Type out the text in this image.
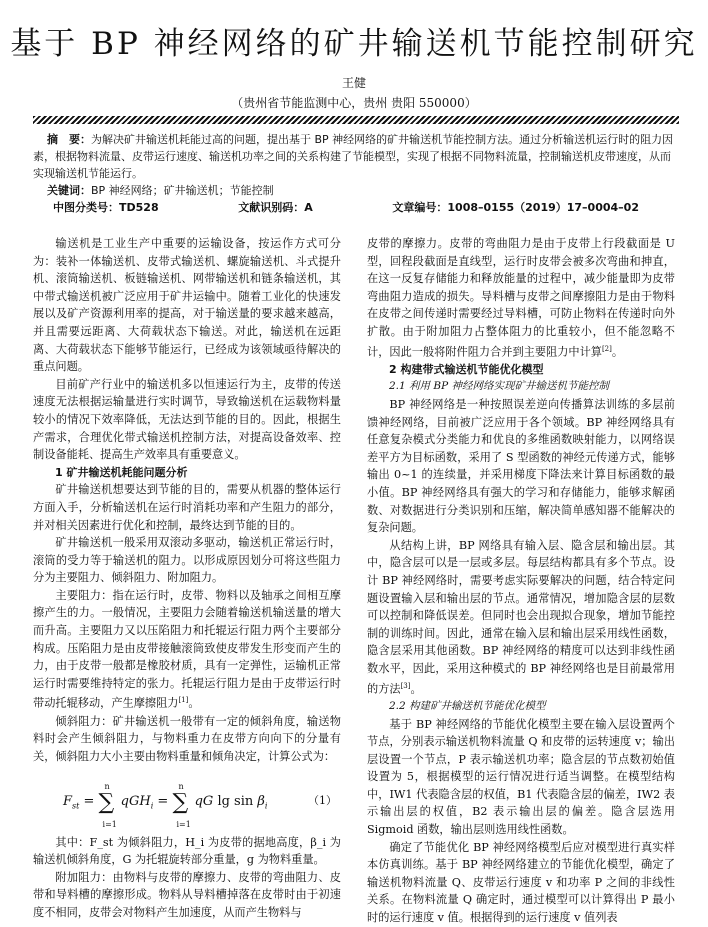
基于 BP 神经网络的矿井输送机节能控制研究
王健
（贵州省节能监测中心，贵州 贵阳 550000）

摘　要：为解决矿井输送机耗能过高的问题，提出基于 BP 神经网络的矿井输送机节能控制方法。通过分析输送机运行时的阻力因素，根据物料流量、皮带运行速度、输送机功率之间的关系构建了节能模型，实现了根据不同物料流量，控制输送机皮带速度，从而实现输送机节能运行。

关键词：BP 神经网络；矿井输送机；节能控制

中图分类号：TD528	文献识别码：A	文章编号：1008–0155（2019）17–0004–02

输送机是工业生产中重要的运输设备，按运作方式可分为：装补一体输送机、皮带式输送机、螺旋输送机、斗式提升机、滚筒输送机、板链输送机、网带输送机和链条输送机，其中带式输送机被广泛应用于矿井运输中。随着工业化的快速发展以及矿产资源利用率的提高，对于输送量的要求越来越高，并且需要远距离、大荷载状态下输送。对此，输送机在远距离、大荷载状态下能够节能运行，已经成为该领域亟待解决的重点问题。

目前矿产行业中的输送机多以恒速运行为主，皮带的传送速度无法根据运输量进行实时调节，导致输送机在运载物料量较小的情况下效率降低，无法达到节能的目的。因此，根据生产需求，合理优化带式输送机控制方法，对提高设备效率、控制设备能耗、提高生产效率具有重要意义。

1 矿井输送机耗能问题分析

矿井输送机想要达到节能的目的，需要从机器的整体运行方面入手，分析输送机在运行时消耗功率和产生阻力的部分，并对相关因素进行优化和控制，最终达到节能的目的。

矿井输送机一般采用双滚动多驱动，输送机正常运行时，滚筒的受力等于输送机的阻力。以形成原因划分可将这些阻力分为主要阻力、倾斜阻力、附加阻力。

主要阻力：指在运行时，皮带、物料以及轴承之间相互摩擦产生的力。一般情况，主要阻力会随着输送机输送量的增大而升高。主要阻力又以压陷阻力和托辊运行阻力两个主要部分构成。压陷阻力是由皮带接触滚筒致使皮带发生形变而产生的力，由于皮带一般都是橡胶材质，具有一定弹性，运输机正常运行时需要维持特定的张力。托辊运行阻力是由于皮带运行时带动托辊移动，产生摩擦阻力[1]。

倾斜阻力：矿井输送机一般带有一定的倾斜角度，输送物料时会产生倾斜阻力，与物料重力在皮带方向向下的分量有关，倾斜阻力大小主要由物料重量和倾角决定，计算公式为：

$F_{st}$ =
n
∑
i=1
qGH$_i$ =
n
∑
i=1
qG $\lg \sin \beta_i$	（1）

其中：F_st 为倾斜阻力，H_i 为皮带的据地高度，β_i 为输送机倾斜角度，G 为托辊旋转部分重量，g 为物料重量。

附加阻力：由物料与皮带的摩擦力、皮带的弯曲阻力、皮带和导料槽的摩擦形成。物料从导料槽掉落在皮带时由于初速度不相同，皮带会对物料产生加速度，从而产生物料与

皮带的摩擦力。皮带的弯曲阻力是由于皮带上行段截面是 U 型，回程段截面是直线型，运行时皮带会被多次弯曲和抻直，在这一反复存储能力和释放能量的过程中，减少能量即为皮带弯曲阻力造成的损失。导料槽与皮带之间摩擦阻力是由于物料在皮带之间传递时需要经过导料槽，可防止物料在传递时向外扩散。由于附加阻力占整体阻力的比重较小，但不能忽略不计，因此一般将附件阻力合并到主要阻力中计算[2]。

2 构建带式输送机节能优化模型
2.1 利用 BP 神经网络实现矿井输送机节能控制

BP 神经网络是一种按照误差逆向传播算法训练的多层前馈神经网络，目前被广泛应用于各个领域。BP 神经网络具有任意复杂模式分类能力和优良的多维函数映射能力，以网络误差平方为目标函数，采用了 S 型函数的神经元传递方式，能够输出 0~1 的连续量，并采用梯度下降法来计算目标函数的最小值。BP 神经网络具有强大的学习和存储能力，能够求解函数、对数据进行分类识别和压缩，解决简单感知器不能解决的复杂问题。

从结构上讲，BP 网络具有输入层、隐含层和输出层。其中，隐含层可以是一层或多层。每层结构都具有多个节点。设计 BP 神经网络时，需要考虑实际要解决的问题，结合特定问题设置输入层和输出层的节点。通常情况，增加隐含层的层数可以控制和降低误差。但同时也会出现拟合现象，增加节能控制的训练时间。因此，通常在输入层和输出层采用线性函数，隐含层采用其他函数。BP 神经网络的精度可以达到非线性函数水平，因此，采用这种模式的 BP 神经网络也是目前最常用的方法[3]。

2.2 构建矿井输送机节能优化模型

基于 BP 神经网络的节能优化模型主要在输入层设置两个节点，分别表示输送机物料流量 Q 和皮带的运转速度 v；输出层设置一个节点，P 表示输送机功率；隐含层的节点数初始值设置为 5，根据模型的运行情况进行适当调整。在模型结构中，IW1 代表隐含层的权值，B1 代表隐含层的偏差，IW2 表示输出层的权值，B2 表示输出层的偏差。隐含层选用 Sigmoid 函数，输出层则选用线性函数。

确定了节能优化 BP 神经网络模型后应对模型进行真实样本仿真训练。基于 BP 神经网络建立的节能优化模型，确定了输送机物料流量 Q、皮带运行速度 v 和功率 P 之间的非线性关系。在物料流量 Q 确定时，通过模型可以计算得出 P 最小时的运行速度 v 值。根据得到的运行速度 v 值列表
